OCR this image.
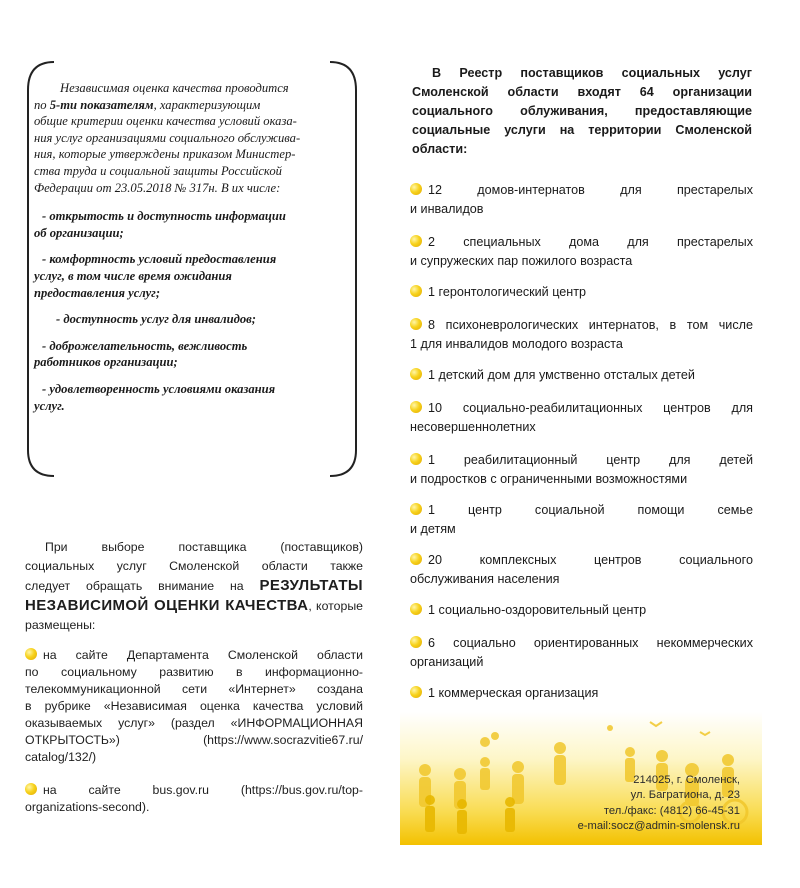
Независимая оценка качества проводится
по 5-ти показателям, характеризующим
общие критерии оценки качества условий оказа-
ния услуг организациями социального обслужива-
ния, которые утверждены приказом Министер-
ства труда и социальной защиты Российской
Федерации от 23.05.2018 № 317н. В их числе:
- открытость и доступность информации
об организации;
- комфортность условий предоставления
услуг, в том числе время ожидания
предоставления услуг;
- доступность услуг для инвалидов;
- доброжелательность, вежливость
работников организации;
- удовлетворенность условиями оказания
услуг.
При выборе поставщика (поставщиков)
социальных услуг Смоленской области также
следует обращать внимание на РЕЗУЛЬТАТЫ
НЕЗАВИСИМОЙ ОЦЕНКИ КАЧЕСТВА, которые
размещены:
на сайте Департамента Смоленской области
по социальному развитию в информационно-
телекоммуникационной сети «Интернет» создана
в рубрике «Независимая оценка качества условий
оказываемых услуг» (раздел «ИНФОРМАЦИОННАЯ
ОТКРЫТОСТЬ») (https://www.socrazvitie67.ru/
catalog/132/)
на сайте bus.gov.ru (https://bus.gov.ru/top-
organizations-second).
В Реестр поставщиков социальных услуг
Смоленской области входят 64 организации
социального облуживания, предоставляющие
социальные услуги на территории Смоленской
области:
12 домов-интернатов для престарелых
и инвалидов
2 специальных дома для престарелых
и супружеских пар пожилого возраста
1 геронтологический центр
8 психоневрологических интернатов, в том числе
1 для инвалидов молодого возраста
1 детский дом для умственно отсталых детей
10 социально-реабилитационных центров для
несовершеннолетних
1 реабилитационный центр для детей
и подростков с ограниченными возможностями
1 центр социальной помощи семье
и детям
20 комплексных центров социального
обслуживания населения
1 социально-оздоровительный центр
6 социально ориентированных некоммерческих
организаций
1 коммерческая организация
214025, г. Смоленск,
ул. Багратиона, д. 23
тел./факс: (4812) 66-45-31
e-mail:socz@admin-smolensk.ru
